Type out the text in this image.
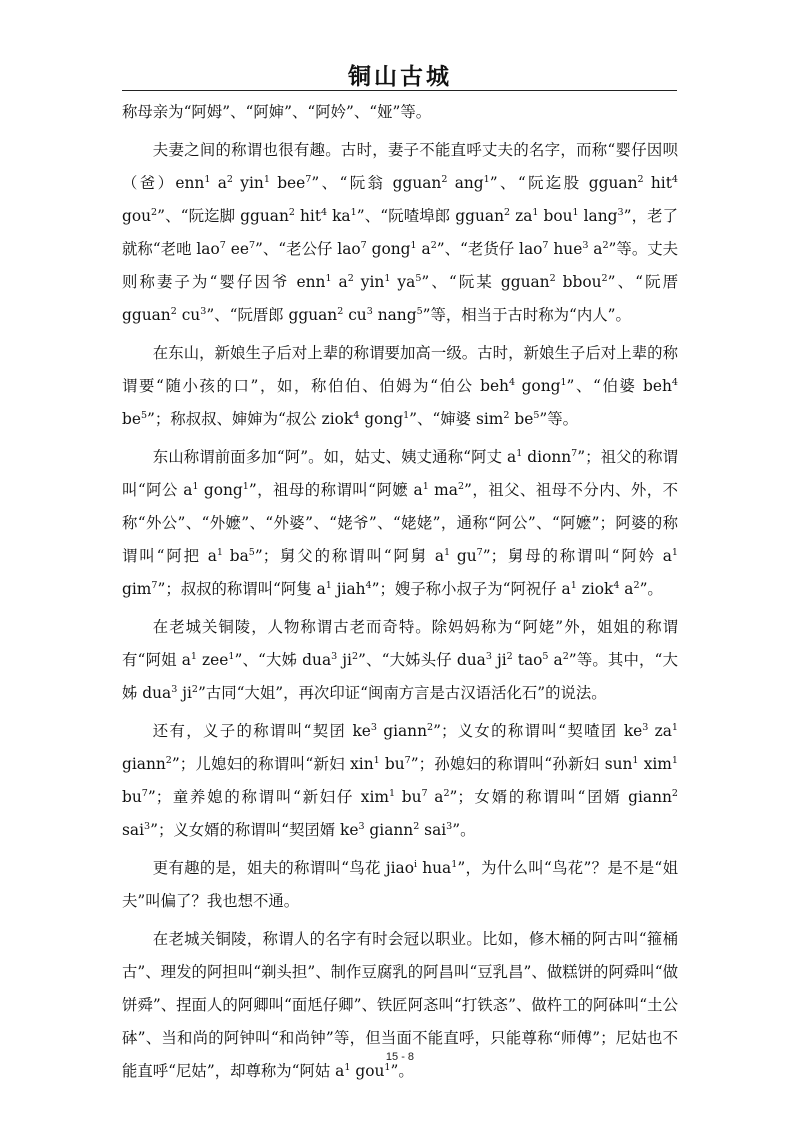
铜山古城

称母亲为“阿姆”、“阿婶”、“阿妗”、“娅”等。

夫妻之间的称谓也很有趣。古时，妻子不能直呼丈夫的名字，而称“婴仔因呗（爸）enn$^1$ $a^2$ yin$^1$ bee$^7$”、“阮翁 gguan$^2$ ang$^1$”、“阮迄股 gguan$^2$ hit$^4$ gou$^2$”、“阮迄脚 gguan$^2$ hit$^4$ $ka^1$”、“阮喳埠郎 gguan$^2$ $za^1$ bou$^1$ lang$^3$”，老了就称“老吔 lao$^7$ $ee^7$”、“老公仔 lao$^7$ gong$^1$ $a^2$”、“老货仔 lao$^7$ hue$^3$ $a^2$”等。丈夫则称妻子为“婴仔因爷 enn$^1$ $a^2$ yin$^1$ $ya^5$”、“阮某 gguan$^2$ bbou$^2$”、“阮厝 gguan$^2$ $cu^3$”、“阮厝郎 gguan$^2$ $cu^3$ nang$^5$”等，相当于古时称为“内人”。

在东山，新娘生子后对上辈的称谓要加高一级。古时，新娘生子后对上辈的称谓要“随小孩的口”，如，称伯伯、伯姆为“伯公 beh$^4$ gong$^1$”、“伯婆 beh$^4$ $be^5$”；称叔叔、婶婶为“叔公 ziok$^4$ gong$^1$”、“婶婆 sim$^2$ $be^5$”等。

东山称谓前面多加“阿”。如，姑丈、姨丈通称“阿丈 $a^1$ dionn$^7$”；祖父的称谓叫“阿公 $a^1$ gong$^1$”，祖母的称谓叫“阿嬷 $a^1$ $ma^2$”，祖父、祖母不分内、外，不称“外公”、“外嬷”、“外婆”、“姥爷”、“姥姥”，通称“阿公”、“阿嬷”；阿婆的称谓叫“阿把 $a^1$ $ba^5$”；舅父的称谓叫“阿舅 $a^1$ $gu^7$”；舅母的称谓叫“阿妗 $a^1$ gim$^7$”；叔叔的称谓叫“阿隻 $a^1$ jiah$^4$”；嫂子称小叔子为“阿祝仔 $a^1$ ziok$^4$ $a^2$”。

在老城关铜陵，人物称谓古老而奇特。除妈妈称为“阿姥”外，姐姐的称谓有“阿姐 $a^1$ zee$^1$”、“大姊 dua$^3$ $ji^2$”、“大姊头仔 dua$^3$ $ji^2$ tao$^5$ $a^2$”等。其中，“大姊 dua$^3$ $ji^2$”古同“大姐”，再次印证“闽南方言是古汉语活化石”的说法。

还有，义子的称谓叫“契囝 $ke^3$ giann$^2$”；义女的称谓叫“契喳囝 $ke^3$ $za^1$ giann$^2$”；儿媳妇的称谓叫“新妇 xin$^1$ $bu^7$”；孙媳妇的称谓叫“孙新妇 sun$^1$ xim$^1$ $bu^7$”；童养媳的称谓叫“新妇仔 xim$^1$ $bu^7$ $a^2$”；女婿的称谓叫“囝婿 giann$^2$ sai$^3$”；义女婿的称谓叫“契囝婿 $ke^3$ giann$^2$ sai$^3$”。

更有趣的是，姐夫的称谓叫“鸟花 jiao$^i$ hua$^1$”，为什么叫“鸟花”？是不是“姐夫”叫偏了？我也想不通。

在老城关铜陵，称谓人的名字有时会冠以职业。比如，修木桶的阿古叫“箍桶古”、理发的阿担叫“剃头担”、制作豆腐乳的阿昌叫“豆乳昌”、做糕饼的阿舜叫“做饼舜”、捏面人的阿卿叫“面尪仔卿”、铁匠阿忞叫“打铁忞”、做杵工的阿砵叫“土公砵”、当和尚的阿钟叫“和尚钟”等，但当面不能直呼，只能尊称“师傅”；尼姑也不能直呼“尼姑”，却尊称为“阿姑 $a^1$ gou$^1$”。

15 - 8
